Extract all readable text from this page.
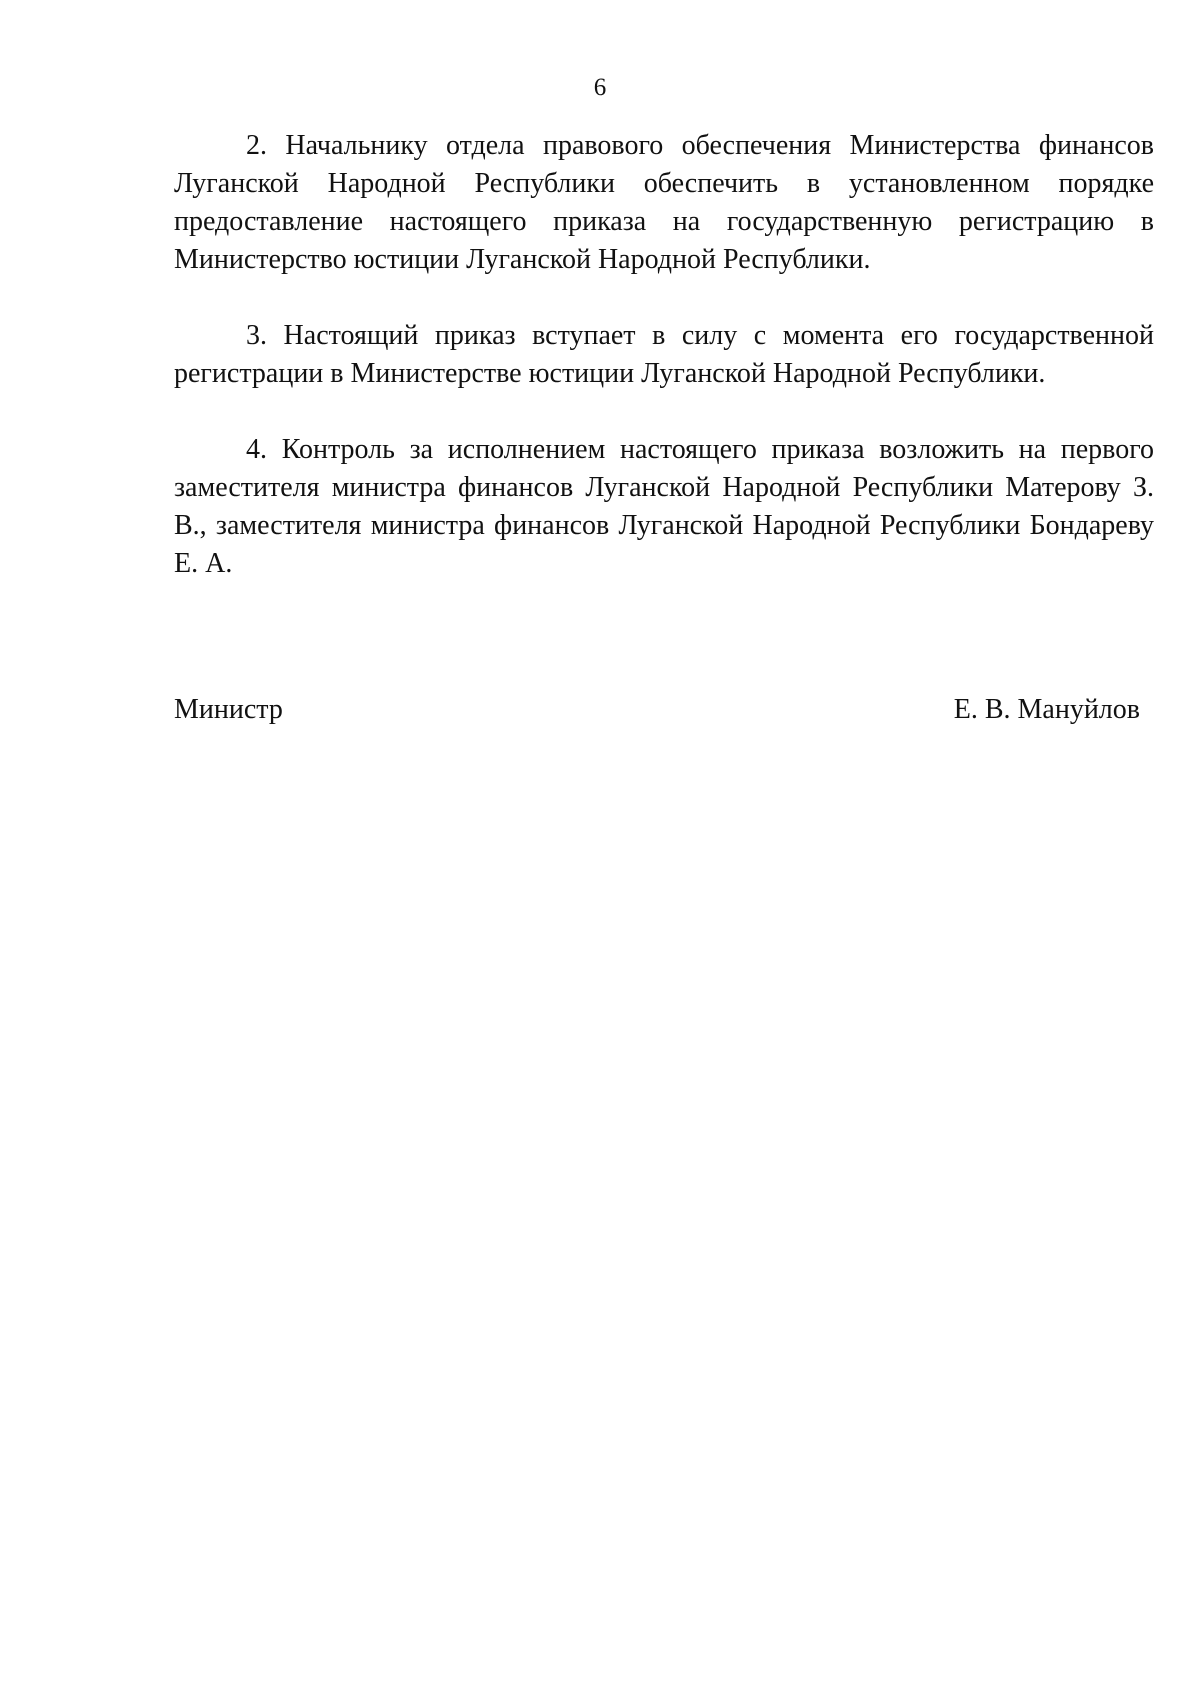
6

2. Начальнику отдела правового обеспечения Министерства финансов Луганской Народной Республики обеспечить в установленном порядке предоставление настоящего приказа на государственную регистрацию в Министерство юстиции Луганской Народной Республики.

3. Настоящий приказ вступает в силу с момента его государственной регистрации в Министерстве юстиции Луганской Народной Республики.

4. Контроль за исполнением настоящего приказа возложить на первого заместителя министра финансов Луганской Народной Республики Матерову З. В., заместителя министра финансов Луганской Народной Республики Бондареву Е. А.

Министр	Е. В. Мануйлов
